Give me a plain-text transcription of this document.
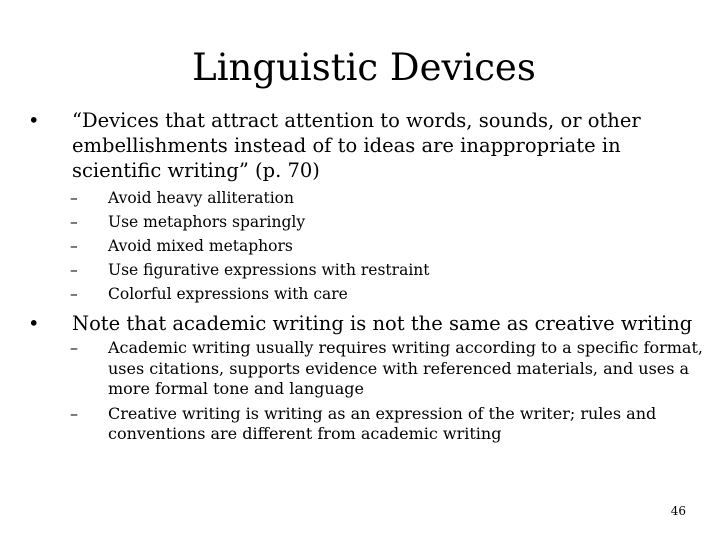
Linguistic Devices
•	“Devices that attract attention to words, sounds, or other embellishments instead of to ideas are inappropriate in scientific writing” (p. 70)
–	Avoid heavy alliteration
–	Use metaphors sparingly
–	Avoid mixed metaphors
–	Use figurative expressions with restraint
–	Colorful expressions with care
•	Note that academic writing is not the same as creative writing
–	Academic writing usually requires writing according to a specific format, uses citations, supports evidence with referenced materials, and uses a more formal tone and language
–	Creative writing is writing as an expression of the writer; rules and conventions are different from academic writing
46
